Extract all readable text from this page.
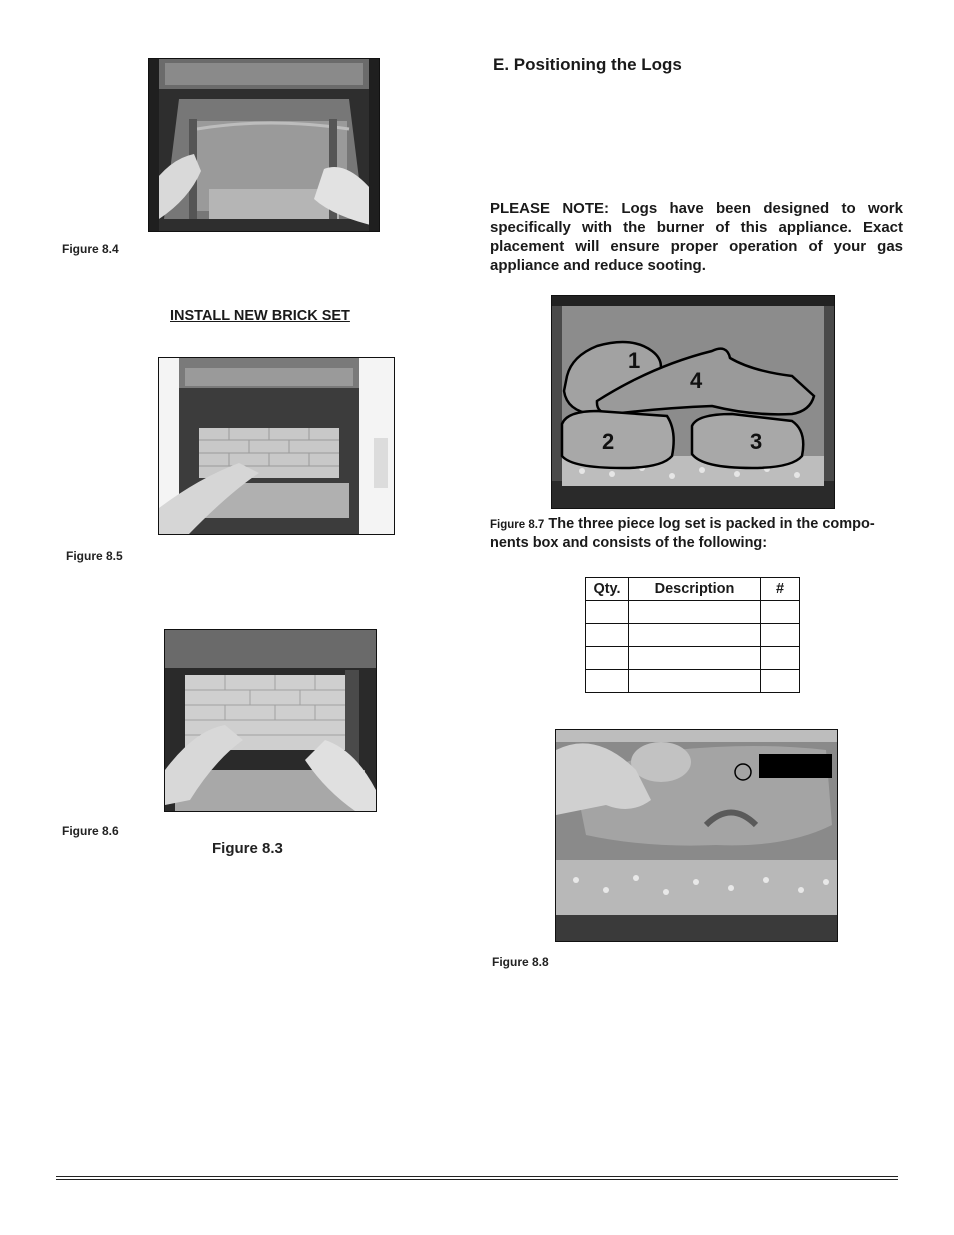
Figure 8.4
INSTALL NEW BRICK SET
Figure 8.5
Figure 8.6
Figure 8.3
E. Positioning the Logs
PLEASE NOTE: Logs have been designed to work specifically with the burner of this appliance. Exact placement will ensure proper operation of your gas appliance and reduce sooting.
1
4
2	3
Figure 8.7 The three piece log set is packed in the compo-nents box and consists of the following:
Qty.	Description	#

Figure 8.8
